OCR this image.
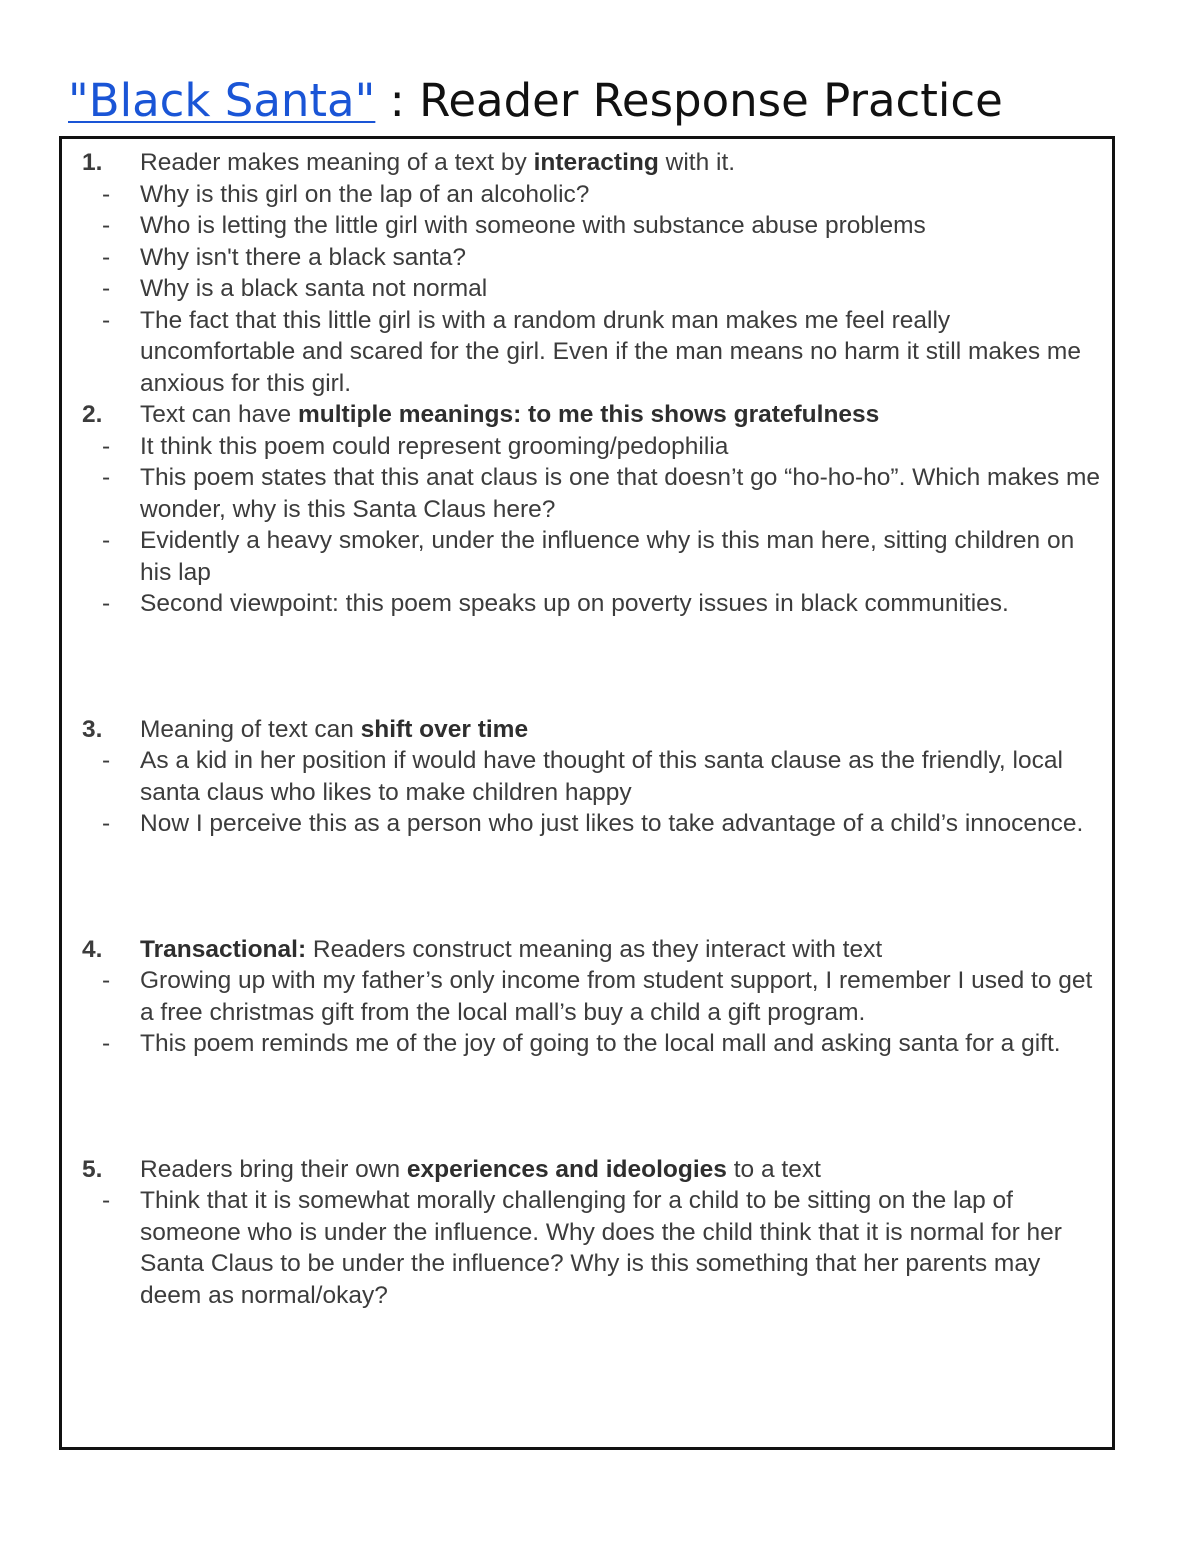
"Black Santa" : Reader Response Practice
1. Reader makes meaning of a text by interacting with it.
- Why is this girl on the lap of an alcoholic?
- Who is letting the little girl with someone with substance abuse problems
- Why isn't there a black santa?
- Why is a black santa not normal
- The fact that this little girl is with a random drunk man makes me feel really uncomfortable and scared for the girl. Even if the man means no harm it still makes me anxious for this girl.
2. Text can have multiple meanings: to me this shows gratefulness
- It think this poem could represent grooming/pedophilia
- This poem states that this anat claus is one that doesn’t go “ho-ho-ho”. Which makes me wonder, why is this Santa Claus here?
- Evidently a heavy smoker, under the influence why is this man here, sitting children on his lap
- Second viewpoint: this poem speaks up on poverty issues in black communities.
3. Meaning of text can shift over time
- As a kid in her position if would have thought of this santa clause as the friendly, local santa claus who likes to make children happy
- Now I perceive this as a person who just likes to take advantage of a child’s innocence.
4. Transactional: Readers construct meaning as they interact with text
- Growing up with my father’s only income from student support, I remember I used to get a free christmas gift from the local mall’s buy a child a gift program.
- This poem reminds me of the joy of going to the local mall and asking santa for a gift.
5. Readers bring their own experiences and ideologies to a text
- Think that it is somewhat morally challenging for a child to be sitting on the lap of someone who is under the influence. Why does the child think that it is normal for her Santa Claus to be under the influence? Why is this something that her parents may deem as normal/okay?
